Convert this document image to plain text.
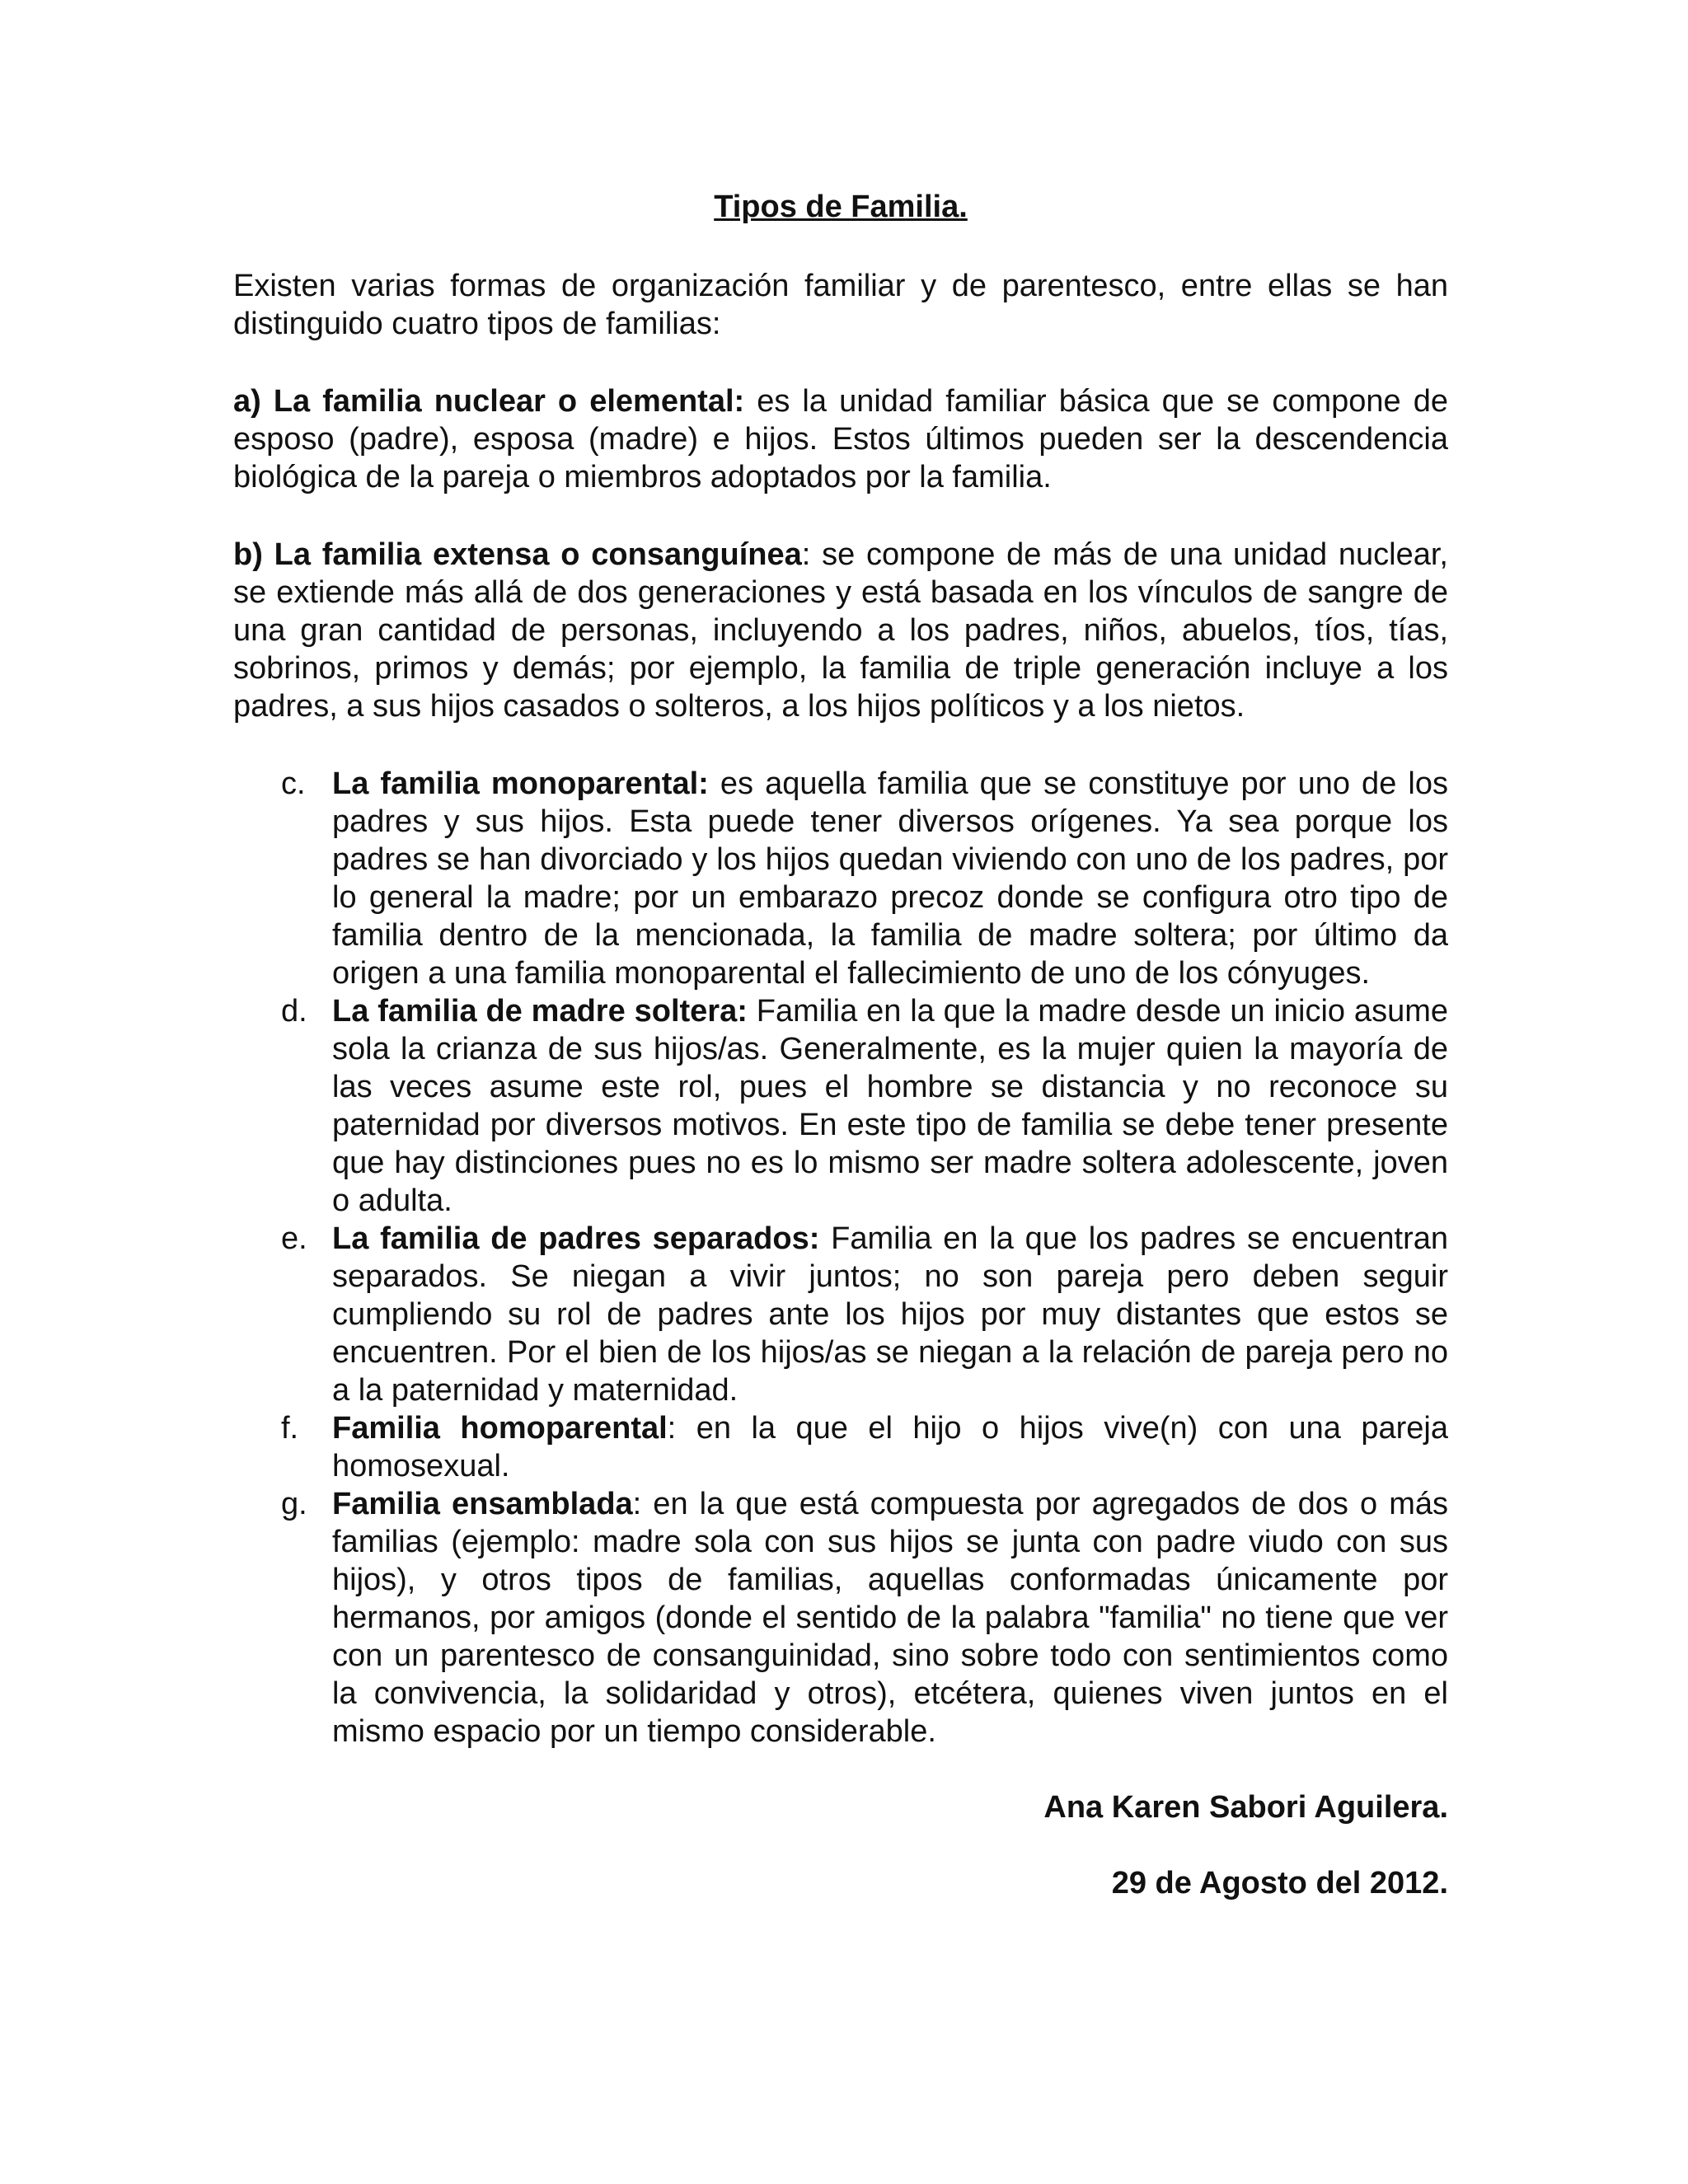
Tipos de Familia.

Existen varias formas de organización familiar y de parentesco, entre ellas se han distinguido cuatro tipos de familias:

a) La familia nuclear o elemental: es la unidad familiar básica que se compone de esposo (padre), esposa (madre) e hijos. Estos últimos pueden ser la descendencia biológica de la pareja o miembros adoptados por la familia.

b) La familia extensa o consanguínea: se compone de más de una unidad nuclear, se extiende más allá de dos generaciones y está basada en los vínculos de sangre de una gran cantidad de personas, incluyendo a los padres, niños, abuelos, tíos, tías, sobrinos, primos y demás; por ejemplo, la familia de triple generación incluye a los padres, a sus hijos casados o solteros, a los hijos políticos y a los nietos.

c. La familia monoparental: es aquella familia que se constituye por uno de los padres y sus hijos. Esta puede tener diversos orígenes. Ya sea porque los padres se han divorciado y los hijos quedan viviendo con uno de los padres, por lo general la madre; por un embarazo precoz donde se configura otro tipo de familia dentro de la mencionada, la familia de madre soltera; por último da origen a una familia monoparental el fallecimiento de uno de los cónyuges.
d. La familia de madre soltera: Familia en la que la madre desde un inicio asume sola la crianza de sus hijos/as. Generalmente, es la mujer quien la mayoría de las veces asume este rol, pues el hombre se distancia y no reconoce su paternidad por diversos motivos. En este tipo de familia se debe tener presente que hay distinciones pues no es lo mismo ser madre soltera adolescente, joven o adulta.
e. La familia de padres separados: Familia en la que los padres se encuentran separados. Se niegan a vivir juntos; no son pareja pero deben seguir cumpliendo su rol de padres ante los hijos por muy distantes que estos se encuentren. Por el bien de los hijos/as se niegan a la relación de pareja pero no a la paternidad y maternidad.
f. Familia homoparental: en la que el hijo o hijos vive(n) con una pareja homosexual.
g. Familia ensamblada: en la que está compuesta por agregados de dos o más familias (ejemplo: madre sola con sus hijos se junta con padre viudo con sus hijos), y otros tipos de familias, aquellas conformadas únicamente por hermanos, por amigos (donde el sentido de la palabra "familia" no tiene que ver con un parentesco de consanguinidad, sino sobre todo con sentimientos como la convivencia, la solidaridad y otros), etcétera, quienes viven juntos en el mismo espacio por un tiempo considerable.
Ana Karen Sabori Aguilera.
29 de Agosto del 2012.
